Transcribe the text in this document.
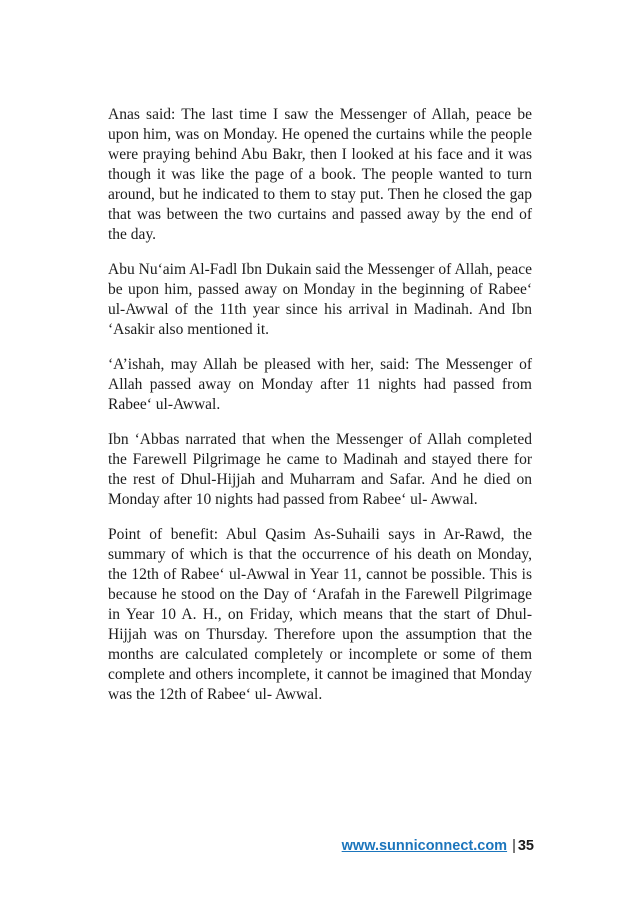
Anas said: The last time I saw the Messenger of Allah, peace be upon him, was on Monday. He opened the curtains while the people were praying behind Abu Bakr, then I looked at his face and it was though it was like the page of a book. The people wanted to turn around, but he indicated to them to stay put. Then he closed the gap that was between the two curtains and passed away by the end of the day.

Abu Nu‘aim Al-Fadl Ibn Dukain said the Messenger of Allah, peace be upon him, passed away on Monday in the beginning of Rabee‘ ul-Awwal of the 11th year since his arrival in Madinah. And Ibn ‘Asakir also mentioned it.

‘A’ishah, may Allah be pleased with her, said: The Messenger of Allah passed away on Monday after 11 nights had passed from Rabee‘ ul-Awwal.

Ibn ‘Abbas narrated that when the Messenger of Allah completed the Farewell Pilgrimage he came to Madinah and stayed there for the rest of Dhul-Hijjah and Muharram and Safar. And he died on Monday after 10 nights had passed from Rabee‘ ul- Awwal.

Point of benefit: Abul Qasim As-Suhaili says in Ar-Rawd, the summary of which is that the occurrence of his death on Monday, the 12th of Rabee‘ ul-Awwal in Year 11, cannot be possible. This is because he stood on the Day of ‘Arafah in the Farewell Pilgrimage in Year 10 A. H., on Friday, which means that the start of Dhul- Hijjah was on Thursday. Therefore upon the assumption that the months are calculated completely or incomplete or some of them complete and others incomplete, it cannot be imagined that Monday was the 12th of Rabee‘ ul- Awwal.

www.sunniconnect.com | 35
